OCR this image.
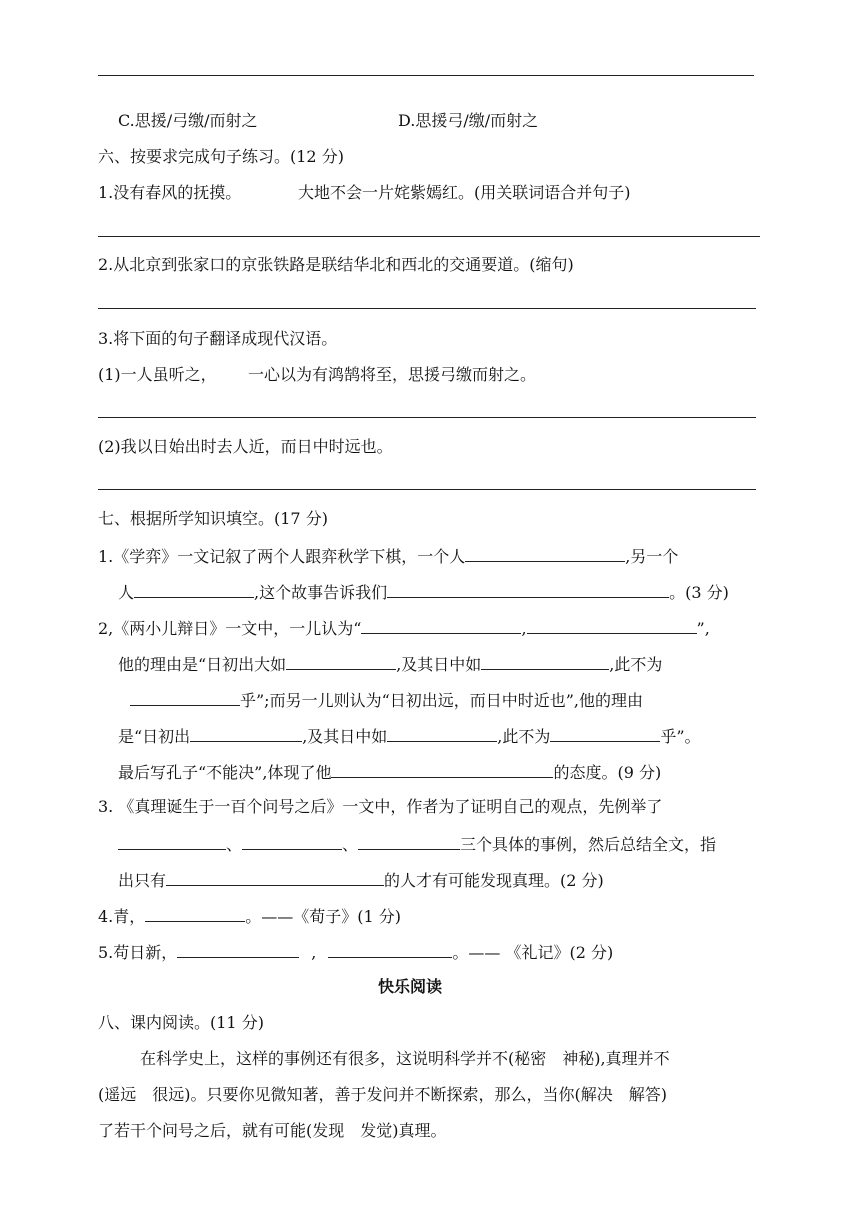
C.思援/弓缴/而射之	D.思援弓/缴/而射之
六、按要求完成句子练习。(12 分)
1.没有春风的抚摸。	大地不会一片姹紫嫣红。(用关联词语合并句子)
2.从北京到张家口的京张铁路是联结华北和西北的交通要道。(缩句)
3.将下面的句子翻译成现代汉语。
(1)一人虽听之， 一心以为有鸿鹄将至，思援弓缴而射之。
(2)我以日始出时去人近，而日中时远也。
七、根据所学知识填空。(17 分)
1.《学弈》一文记叙了两个人跟弈秋学下棋，一个人	,另一个
人	,这个故事告诉我们	。(3 分)
2,《两小儿辩日》一文中，一儿认为“	,	”,
他的理由是“日初出大如	,及其日中如	,此不为
乎”;而另一儿则认为“日初出远，而日中时近也”,他的理由
是“日初出	,及其日中如	,此不为	乎”。
最后写孔子“不能决”,体现了他	的态度。(9 分)
3. 《真理诞生于一百个问号之后》一文中，作者为了证明自己的观点，先例举了
、	、	三个具体的事例，然后总结全文，指
出只有	的人才有可能发现真理。(2 分)
4.青，	。——《荀子》(1 分)
5.苟日新，	,	。—— 《礼记》(2 分)
快乐阅读
八、课内阅读。(11 分)
在科学史上，这样的事例还有很多，这说明科学并不(秘密　神秘),真理并不
(遥远　很远)。只要你见微知著，善于发问并不断探索，那么，当你(解决　解答)
了若干个问号之后，就有可能(发现　发觉)真理。
